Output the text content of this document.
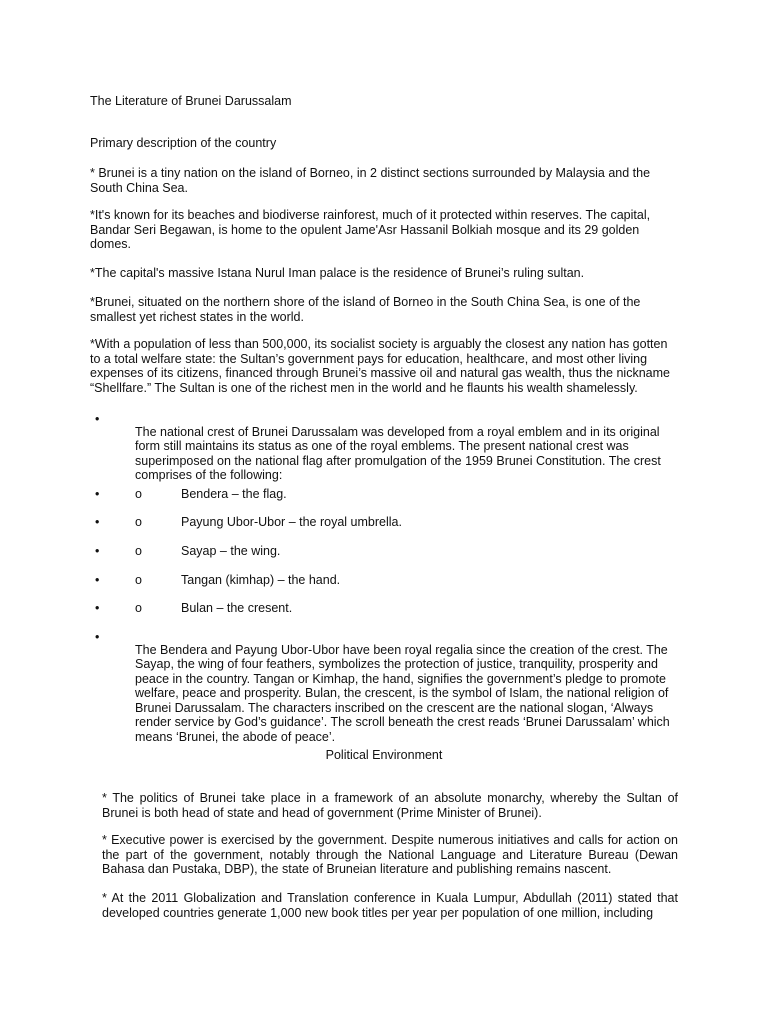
The Literature of Brunei Darussalam

Primary description of the country

* Brunei is a tiny nation on the island of Borneo, in 2 distinct sections surrounded by Malaysia and the South China Sea.

*It's known for its beaches and biodiverse rainforest, much of it protected within reserves. The capital, Bandar Seri Begawan, is home to the opulent Jame'Asr Hassanil Bolkiah mosque and its 29 golden domes.

*The capital's massive Istana Nurul Iman palace is the residence of Brunei’s ruling sultan.

*Brunei, situated on the northern shore of the island of Borneo in the South China Sea, is one of the smallest yet richest states in the world.

*With a population of less than 500,000, its socialist society is arguably the closest any nation has gotten to a total welfare state: the Sultan’s government pays for education, healthcare, and most other living expenses of its citizens, financed through Brunei’s massive oil and natural gas wealth, thus the nickname “Shellfare.” The Sultan is one of the richest men in the world and he flaunts his wealth shamelessly.

•

The national crest of Brunei Darussalam was developed from a royal emblem and in its original form still maintains its status as one of the royal emblems. The present national crest was superimposed on the national flag after promulgation of the 1959 Brunei Constitution. The crest comprises of the following:

•	o	Bendera – the flag.
•	o	Payung Ubor-Ubor – the royal umbrella.
•	o	Sayap – the wing.
•	o	Tangan (kimhap) – the hand.
•	o	Bulan – the cresent.
•

The Bendera and Payung Ubor-Ubor have been royal regalia since the creation of the crest. The Sayap, the wing of four feathers, symbolizes the protection of justice, tranquility, prosperity and peace in the country. Tangan or Kimhap, the hand, signifies the government’s pledge to promote welfare, peace and prosperity. Bulan, the crescent, is the symbol of Islam, the national religion of Brunei Darussalam. The characters inscribed on the crescent are the national slogan, ‘Always render service by God’s guidance’. The scroll beneath the crest reads ‘Brunei Darussalam’ which means ‘Brunei, the abode of peace’.

Political Environment

* The politics of Brunei take place in a framework of an absolute monarchy, whereby the Sultan of Brunei is both head of state and head of government (Prime Minister of Brunei).

* Executive power is exercised by the government. Despite numerous initiatives and calls for action on the part of the government, notably through the National Language and Literature Bureau (Dewan Bahasa dan Pustaka, DBP), the state of Bruneian literature and publishing remains nascent.

* At the 2011 Globalization and Translation conference in Kuala Lumpur, Abdullah (2011) stated that developed countries generate 1,000 new book titles per year per population of one million, including
